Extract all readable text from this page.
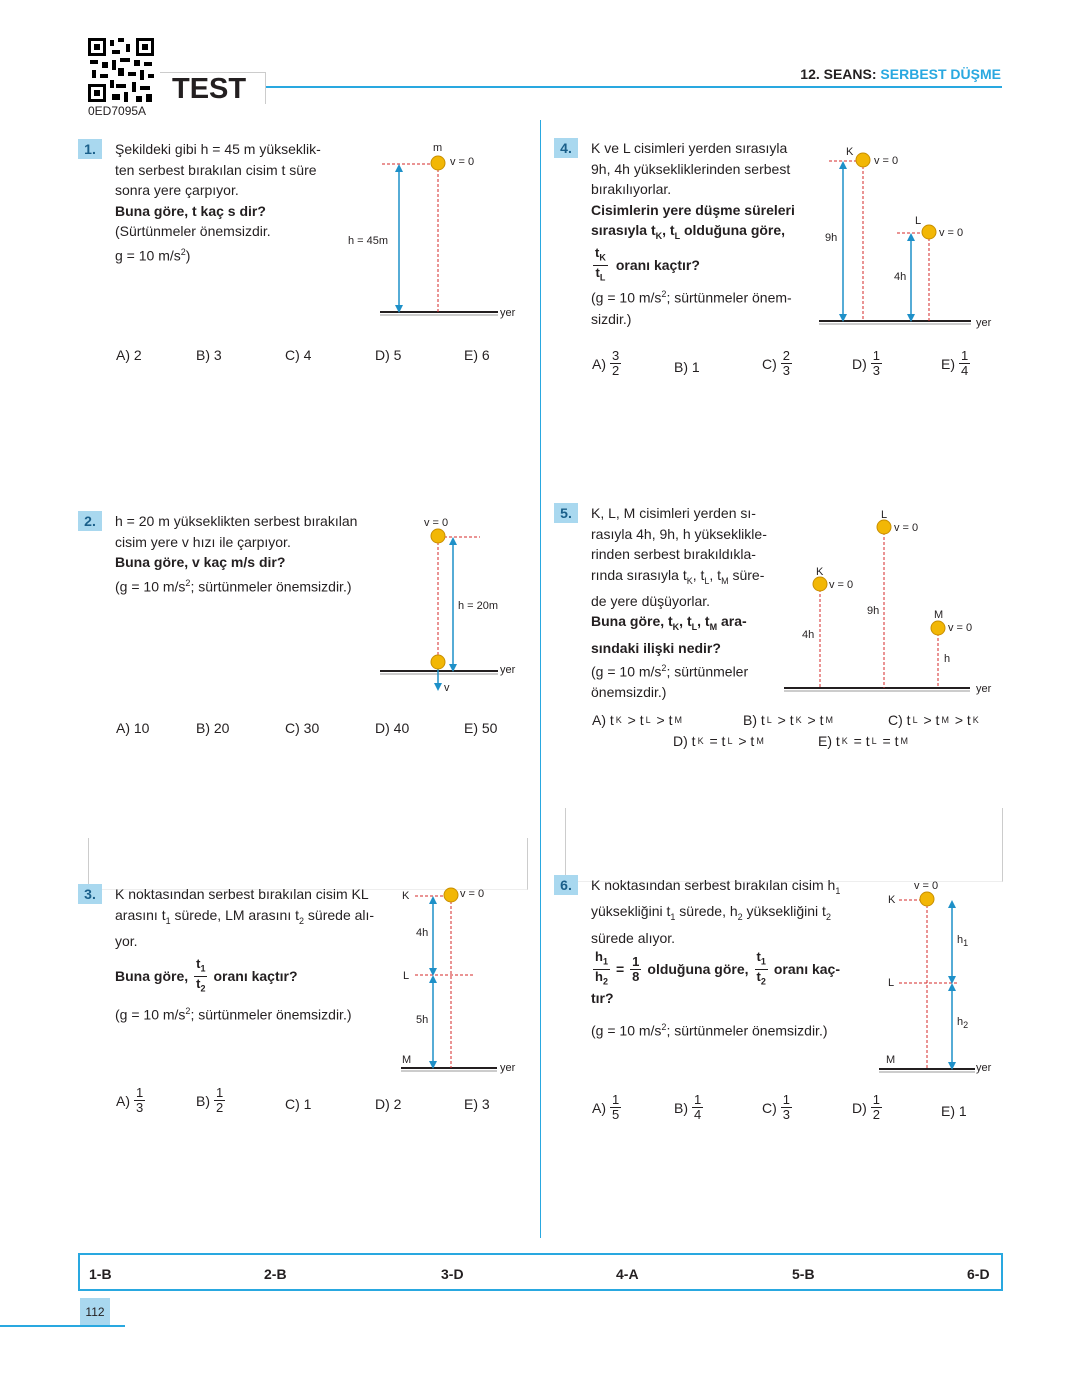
0ED7095A
TEST	12. SEANS: SERBEST DÜŞME
1.	Şekildeki gibi h = 45 m yükseklik-
ten serbest bırakılan cisim t süre
sonra yere çarpıyor.
Buna göre, t kaç s dir?
(Sürtünmeler önemsizdir.
g = 10 $m/s^2$)
m
v = 0
h = 45m
yer
A) 2	B) 3	C) 4	D) 5	E) 6
2.	h = 20 m yükseklikten serbest bırakılan
cisim yere v hızı ile çarpıyor.
Buna göre, v kaç m/s dir?
(g = 10 $m/s^2$; sürtünmeler önemsizdir.)
v = 0
h = 20m
yer
v
A) 10	B) 20	C) 30	D) 40	E) 50
3.	K noktasından serbest bırakılan cisim KL
arasını $t_1$ sürede, LM arasını $t_2$ sürede alı-
yor.
Buna göre, $\frac{t_1}{t_2}$ oranı kaçtır?
(g = 10 $m/s^2$; sürtünmeler önemsizdir.)
K	v = 0
4h
L
5h
M
yer
$A) \frac{1}{3}$	$B) \frac{1}{2}$	C) 1	D) 2	E) 3
4.	K ve L cisimleri yerden sırasıyla
9h, 4h yüksekliklerinden serbest
bırakılıyorlar.
Cisimlerin yere düşme süreleri
sırasıyla $t_K$, $t_L$ olduğuna göre,
$\frac{t_K}{t_L}$ oranı kaçtır?
(g = 10 $m/s^2$; sürtünmeler önem-
sizdir.)
K
v = 0
L
v = 0
9h
4h
yer
$A) \frac{3}{2}$	B) 1	$C) \frac{2}{3}$	$D) \frac{1}{3}$	$E) \frac{1}{4}$
5.	K, L, M cisimleri yerden sı-
rasıyla 4h, 9h, h yükseklikle-
rinden serbest bırakıldıkla-
rında sırasıyla $t_K$, $t_L$, $t_M$ süre-
de yere düşüyorlar.
Buna göre, $t_K$, $t_L$, $t_M$ ara-
sındaki ilişki nedir?
(g = 10 $m/s^2$; sürtünmeler
önemsizdir.)
K
v = 0
L
v = 0
M
v = 0
4h
9h
h
yer
A) t K > t L > t M	B) t L > t K > t M	C) t L > t M > t K
D) t K = t L > t M	E) t K = t L = t M
6.	K noktasından serbest bırakılan cisim $h_1$
yüksekliğini $t_1$ sürede, $h_2$ yüksekliğini $t_2$
sürede alıyor.
$\frac{h_1}{h_2} = \frac{1}{8}$ olduğuna göre, $\frac{t_1}{t_2}$ oranı kaç-
tır?
(g = 10 $m/s^2$; sürtünmeler önemsizdir.)
v = 0
K
$h_1$
L
$h_2$
M
yer
$A) \frac{1}{5}$	$B) \frac{1}{4}$	$C) \frac{1}{3}$	$D) \frac{1}{2}$	E) 1
1-B	2-B	3-D	4-A	5-B	6-D
112
